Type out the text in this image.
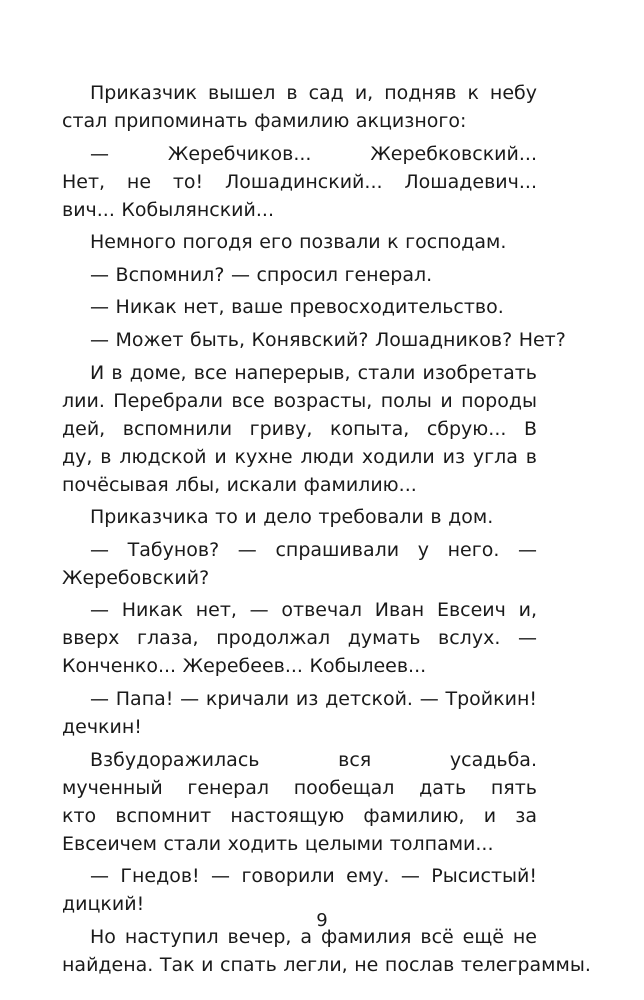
Приказчик вышел в сад и, подняв к небу
стал припоминать фамилию акцизного:
— Жеребчиков... Жеребковский...
Нет, не то! Лошадинский... Лошадевич...
вич... Кобылянский...
Немного погодя его позвали к господам.
— Вспомнил? — спросил генерал.
— Никак нет, ваше превосходительство.
— Может быть, Конявский? Лошадников? Нет?
И в доме, все наперерыв, стали изобретать
лии. Перебрали все возрасты, полы и породы
дей, вспомнили гриву, копыта, сбрую... В
ду, в людской и кухне люди ходили из угла в
почёсывая лбы, искали фамилию...
Приказчика то и дело требовали в дом.
— Табунов? — спрашивали у него. —
Жеребовский?
— Никак нет, — отвечал Иван Евсеич и,
вверх глаза, продолжал думать вслух. —
Конченко... Жеребеев... Кобылеев...
— Папа! — кричали из детской. — Тройкин!
дечкин!
Взбудоражилась вся усадьба.
мученный генерал пообещал дать пять
кто вспомнит настоящую фамилию, и за
Евсеичем стали ходить целыми толпами...
— Гнедов! — говорили ему. — Рысистый!
дицкий!
Но наступил вечер, а фамилия всё ещё не
найдена. Так и спать легли, не послав телеграммы.
9
